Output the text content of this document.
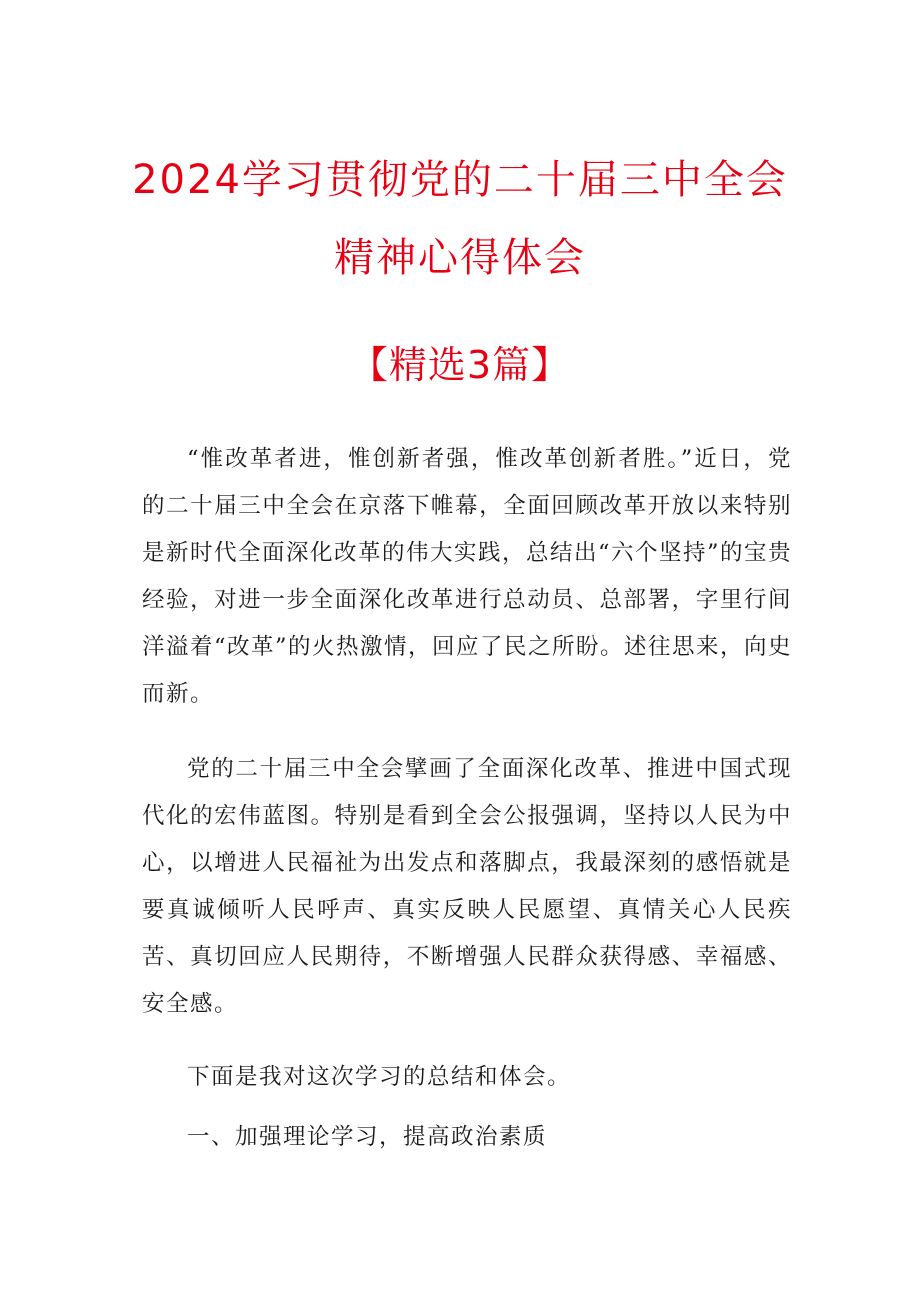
2024学习贯彻党的二十届三中全会
精神心得体会
【精选3篇】

“惟改革者进，惟创新者强，惟改革创新者胜。”近日，党的二十届三中全会在京落下帷幕，全面回顾改革开放以来特别是新时代全面深化改革的伟大实践，总结出“六个坚持”的宝贵经验，对进一步全面深化改革进行总动员、总部署，字里行间洋溢着“改革”的火热激情，回应了民之所盼。述往思来，向史而新。

党的二十届三中全会擘画了全面深化改革、推进中国式现代化的宏伟蓝图。特别是看到全会公报强调，坚持以人民为中心，以增进人民福祉为出发点和落脚点，我最深刻的感悟就是要真诚倾听人民呼声、真实反映人民愿望、真情关心人民疾苦、真切回应人民期待，不断增强人民群众获得感、幸福感、安全感。

下面是我对这次学习的总结和体会。

一、加强理论学习，提高政治素质
